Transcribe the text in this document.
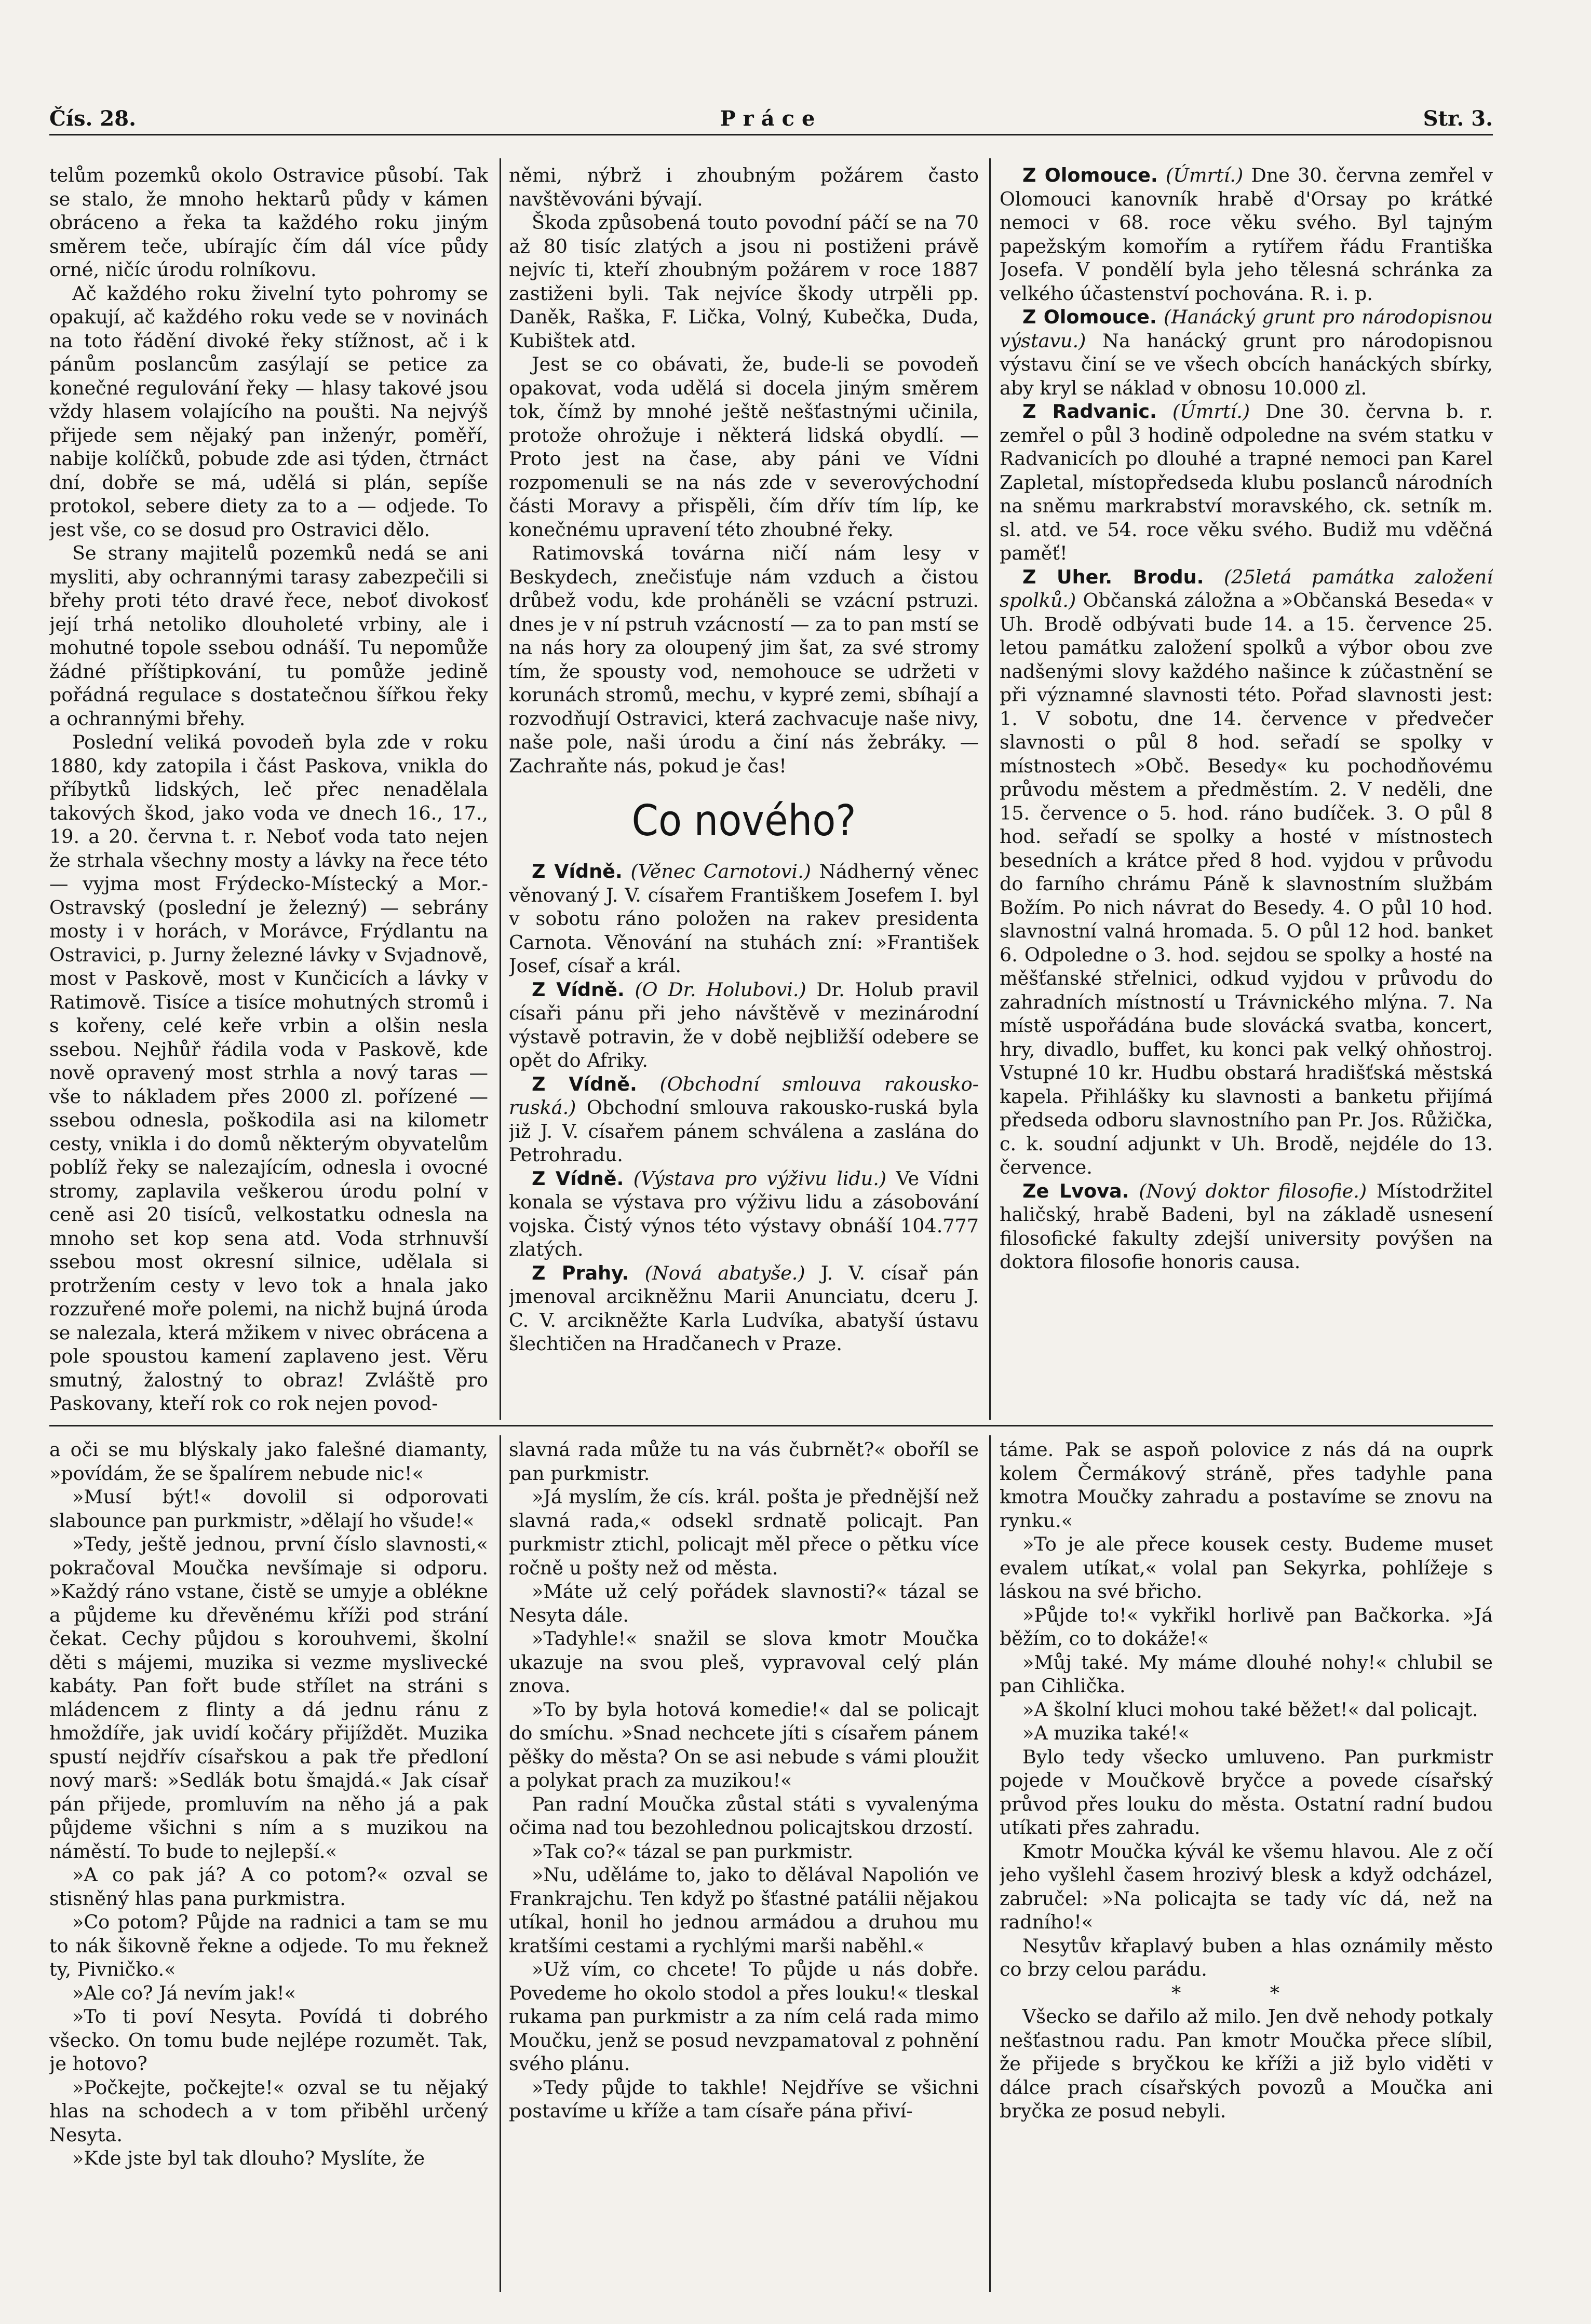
Čís. 28.	Práce	Str. 3.

telům pozemků okolo Ostravice působí. Tak se stalo, že mnoho hektarů půdy v kámen obráceno a řeka ta každého roku jiným směrem teče, ubírajíc čím dál více půdy orné, ničíc úrodu rolníkovu.

Ač každého roku živelní tyto pohromy se opakují, ač každého roku vede se v novinách na toto řádění divoké řeky stížnost, ač i k pánům poslancům zasýlají se petice za konečné regulování řeky — hlasy takové jsou vždy hlasem volajícího na poušti. Na nejvýš přijede sem nějaký pan inženýr, poměří, nabije kolíčků, pobude zde asi týden, čtrnáct dní, dobře se má, udělá si plán, sepíše protokol, sebere diety za to a — odjede. To jest vše, co se dosud pro Ostravici dělo.

Se strany majitelů pozemků nedá se ani mysliti, aby ochrannými tarasy zabezpečili si břehy proti této dravé řece, neboť divokosť její trhá netoliko dlouholeté vrbiny, ale i mohutné topole ssebou odnáší. Tu nepomůže žádné příštipkování, tu pomůže jedině pořádná regulace s dostatečnou šířkou řeky a ochrannými břehy.

Poslední veliká povodeň byla zde v roku 1880, kdy zatopila i část Paskova, vnikla do příbytků lidských, leč přec nenadělala takových škod, jako voda ve dnech 16., 17., 19. a 20. června t. r. Neboť voda tato nejen že strhala všechny mosty a lávky na řece této — vyjma most Frýdecko-Místecký a Mor.-Ostravský (poslední je železný) — sebrány mosty i v horách, v Morávce, Frýdlantu na Ostravici, p. Jurny železné lávky v Svjadnově, most v Paskově, most v Kunčicích a lávky v Ratimově. Tisíce a tisíce mohutných stromů i s kořeny, celé keře vrbin a olšin nesla ssebou. Nejhůř řádila voda v Paskově, kde nově opravený most strhla a nový taras — vše to nákladem přes 2000 zl. pořízené — ssebou odnesla, poškodila asi na kilometr cesty, vnikla i do domů některým obyvatelům poblíž řeky se nalezajícím, odnesla i ovocné stromy, zaplavila veškerou úrodu polní v ceně asi 20 tisíců, velkostatku odnesla na mnoho set kop sena atd. Voda strhnuvší ssebou most okresní silnice, udělala si protržením cesty v levo tok a hnala jako rozzuřené moře polemi, na nichž bujná úroda se nalezala, která mžikem v nivec obrácena a pole spoustou kamení zaplaveno jest. Věru smutný, žalostný to obraz! Zvláště pro Paskovany, kteří rok co rok nejen povod-

němi, nýbrž i zhoubným požárem často navštěvováni bývají.

Škoda způsobená touto povodní páčí se na 70 až 80 tisíc zlatých a jsou ni postiženi právě nejvíc ti, kteří zhoubným požárem v roce 1887 zastiženi byli. Tak nejvíce škody utrpěli pp. Daněk, Raška, F. Lička, Volný, Kubečka, Duda, Kubištek atd.

Jest se co obávati, že, bude-li se povodeň opakovat, voda udělá si docela jiným směrem tok, čímž by mnohé ještě nešťastnými učinila, protože ohrožuje i některá lidská obydlí. — Proto jest na čase, aby páni ve Vídni rozpomenuli se na nás zde v severovýchodní části Moravy a přispěli, čím dřív tím líp, ke konečnému upravení této zhoubné řeky.

Ratimovská továrna ničí nám lesy v Beskydech, znečisťuje nám vzduch a čistou drůbež vodu, kde proháněli se vzácní pstruzi. dnes je v ní pstruh vzácností — za to pan mstí se na nás hory za oloupený jim šat, za své stromy tím, že spousty vod, nemohouce se udržeti v korunách stromů, mechu, v kypré zemi, sbíhají a rozvodňují Ostravici, která zachvacuje naše nivy, naše pole, naši úrodu a činí nás žebráky. — Zachraňte nás, pokud je čas!

Co nového?

Z Vídně. (Věnec Carnotovi.) Nádherný věnec věnovaný J. V. císařem Františkem Josefem I. byl v sobotu ráno položen na rakev presidenta Carnota. Věnování na stuhách zní: »František Josef, císař a král.

Z Vídně. (O Dr. Holubovi.) Dr. Holub pravil císaři pánu při jeho návštěvě v mezinárodní výstavě potravin, že v době nejbližší odebere se opět do Afriky.

Z Vídně. (Obchodní smlouva rakousko-ruská.) Obchodní smlouva rakousko-ruská byla již J. V. císařem pánem schválena a zaslána do Petrohradu.

Z Vídně. (Výstava pro výživu lidu.) Ve Vídni konala se výstava pro výživu lidu a zásobování vojska. Čistý výnos této výstavy obnáší 104.777 zlatých.

Z Prahy. (Nová abatyše.) J. V. císař pán jmenoval arcikněžnu Marii Anunciatu, dceru J. C. V. arcikněžte Karla Ludvíka, abatyší ústavu šlechtičen na Hradčanech v Praze.

Z Olomouce. (Úmrtí.) Dne 30. června zemřel v Olomouci kanovník hrabě d'Orsay po krátké nemoci v 68. roce věku svého. Byl tajným papežským komořím a rytířem řádu Františka Josefa. V pondělí byla jeho tělesná schránka za velkého účastenství pochována. R. i. p.

Z Olomouce. (Hanácký grunt pro národopisnou výstavu.) Na hanácký grunt pro národopisnou výstavu činí se ve všech obcích hanáckých sbírky, aby kryl se náklad v obnosu 10.000 zl.

Z Radvanic. (Úmrtí.) Dne 30. června b. r. zemřel o půl 3 hodině odpoledne na svém statku v Radvanicích po dlouhé a trapné nemoci pan Karel Zapletal, místopředseda klubu poslanců národních na sněmu markrabství moravského, ck. setník m. sl. atd. ve 54. roce věku svého. Budiž mu vděčná paměť!

Z Uher. Brodu. (25letá památka založení spolků.) Občanská záložna a »Občanská Beseda« v Uh. Brodě odbývati bude 14. a 15. července 25. letou památku založení spolků a výbor obou zve nadšenými slovy každého našince k zúčastnění se při významné slavnosti této. Pořad slavnosti jest: 1. V sobotu, dne 14. července v předvečer slavnosti o půl 8 hod. seřadí se spolky v místnostech »Obč. Besedy« ku pochodňovému průvodu městem a předměstím. 2. V neděli, dne 15. července o 5. hod. ráno budíček. 3. O půl 8 hod. seřadí se spolky a hosté v místnostech besedních a krátce před 8 hod. vyjdou v průvodu do farního chrámu Páně k slavnostním službám Božím. Po nich návrat do Besedy. 4. O půl 10 hod. slavnostní valná hromada. 5. O půl 12 hod. banket 6. Odpoledne o 3. hod. sejdou se spolky a hosté na měšťanské střelnici, odkud vyjdou v průvodu do zahradních místností u Trávnického mlýna. 7. Na místě uspořádána bude slovácká svatba, koncert, hry, divadlo, buffet, ku konci pak velký ohňostroj. Vstupné 10 kr. Hudbu obstará hradišťská městská kapela. Přihlášky ku slavnosti a banketu přijímá předseda odboru slavnostního pan Pr. Jos. Růžička, c. k. soudní adjunkt v Uh. Brodě, nejdéle do 13. července.

Ze Lvova. (Nový doktor filosofie.) Místodržitel haličský, hrabě Badeni, byl na základě usnesení filosofické fakulty zdejší university povýšen na doktora filosofie honoris causa.

a oči se mu blýskaly jako falešné diamanty, »povídám, že se špalírem nebude nic!«

»Musí být!« dovolil si odporovati slabounce pan purkmistr, »dělají ho všude!«

»Tedy, ještě jednou, první číslo slavnosti,« pokračoval Moučka nevšímaje si odporu. »Každý ráno vstane, čistě se umyje a oblékne a půjdeme ku dřevěnému kříži pod strání čekat. Cechy půjdou s korouhvemi, školní děti s májemi, muzika si vezme myslivecké kabáty. Pan fořt bude střílet na stráni s mládencem z flinty a dá jednu ránu z hmoždíře, jak uvidí kočáry přijíždět. Muzika spustí nejdřív císařskou a pak tře předloní nový marš: »Sedlák botu šmajdá.« Jak císař pán přijede, promluvím na něho já a pak půjdeme všichni s ním a s muzikou na náměstí. To bude to nejlepší.«

»A co pak já? A co potom?« ozval se stisněný hlas pana purkmistra.

»Co potom? Půjde na radnici a tam se mu to nák šikovně řekne a odjede. To mu řeknež ty, Pivničko.«

»Ale co? Já nevím jak!«

»To ti poví Nesyta. Povídá ti dobrého všecko. On tomu bude nejlépe rozumět. Tak, je hotovo?

»Počkejte, počkejte!« ozval se tu nějaký hlas na schodech a v tom přiběhl určený Nesyta.

»Kde jste byl tak dlouho? Myslíte, že

slavná rada může tu na vás čubrnět?« oboříl se pan purkmistr.

»Já myslím, že cís. král. pošta je přednější než slavná rada,« odsekl srdnatě policajt. Pan purkmistr ztichl, policajt měl přece o pětku více ročně u pošty než od města.

»Máte už celý pořádek slavnosti?« tázal se Nesyta dále.

»Tadyhle!« snažil se slova kmotr Moučka ukazuje na svou pleš, vypravoval celý plán znova.

»To by byla hotová komedie!« dal se policajt do smíchu. »Snad nechcete jíti s císařem pánem pěšky do města? On se asi nebude s vámi ploužit a polykat prach za muzikou!«

Pan radní Moučka zůstal státi s vyvalenýma očima nad tou bezohlednou policajtskou drzostí.

»Tak co?« tázal se pan purkmistr.

»Nu, uděláme to, jako to dělával Napolión ve Frankrajchu. Ten když po šťastné patálii nějakou utíkal, honil ho jednou armádou a druhou mu kratšími cestami a rychlými marši naběhl.«

»Už vím, co chcete! To půjde u nás dobře. Povedeme ho okolo stodol a přes louku!« tleskal rukama pan purkmistr a za ním celá rada mimo Moučku, jenž se posud nevzpamatoval z pohnění svého plánu.

»Tedy půjde to takhle! Nejdříve se všichni postavíme u kříže a tam císaře pána přiví-

táme. Pak se aspoň polovice z nás dá na ouprk kolem Čermákový stráně, přes tadyhle pana kmotra Moučky zahradu a postavíme se znovu na rynku.«

»To je ale přece kousek cesty. Budeme muset evalem utíkat,« volal pan Sekyrka, pohlížeje s láskou na své břicho.

»Půjde to!« vykřikl horlivě pan Bačkorka. »Já běžím, co to dokáže!«

»Můj také. My máme dlouhé nohy!« chlubil se pan Cihlička.

»A školní kluci mohou také běžet!« dal policajt.

»A muzika také!«

Bylo tedy všecko umluveno. Pan purkmistr pojede v Moučkově bryčce a povede císařský průvod přes louku do města. Ostatní radní budou utíkati přes zahradu.

Kmotr Moučka kývál ke všemu hlavou. Ale z očí jeho vyšlehl časem hrozivý blesk a když odcházel, zabručel: »Na policajta se tady víc dá, než na radního!«

Nesytův křaplavý buben a hlas oznámily město co brzy celou parádu.

* *

Všecko se dařilo až milo. Jen dvě nehody potkaly nešťastnou radu. Pan kmotr Moučka přece slíbil, že přijede s bryčkou ke kříži a již bylo viděti v dálce prach císařských povozů a Moučka ani bryčka ze posud nebyli.
